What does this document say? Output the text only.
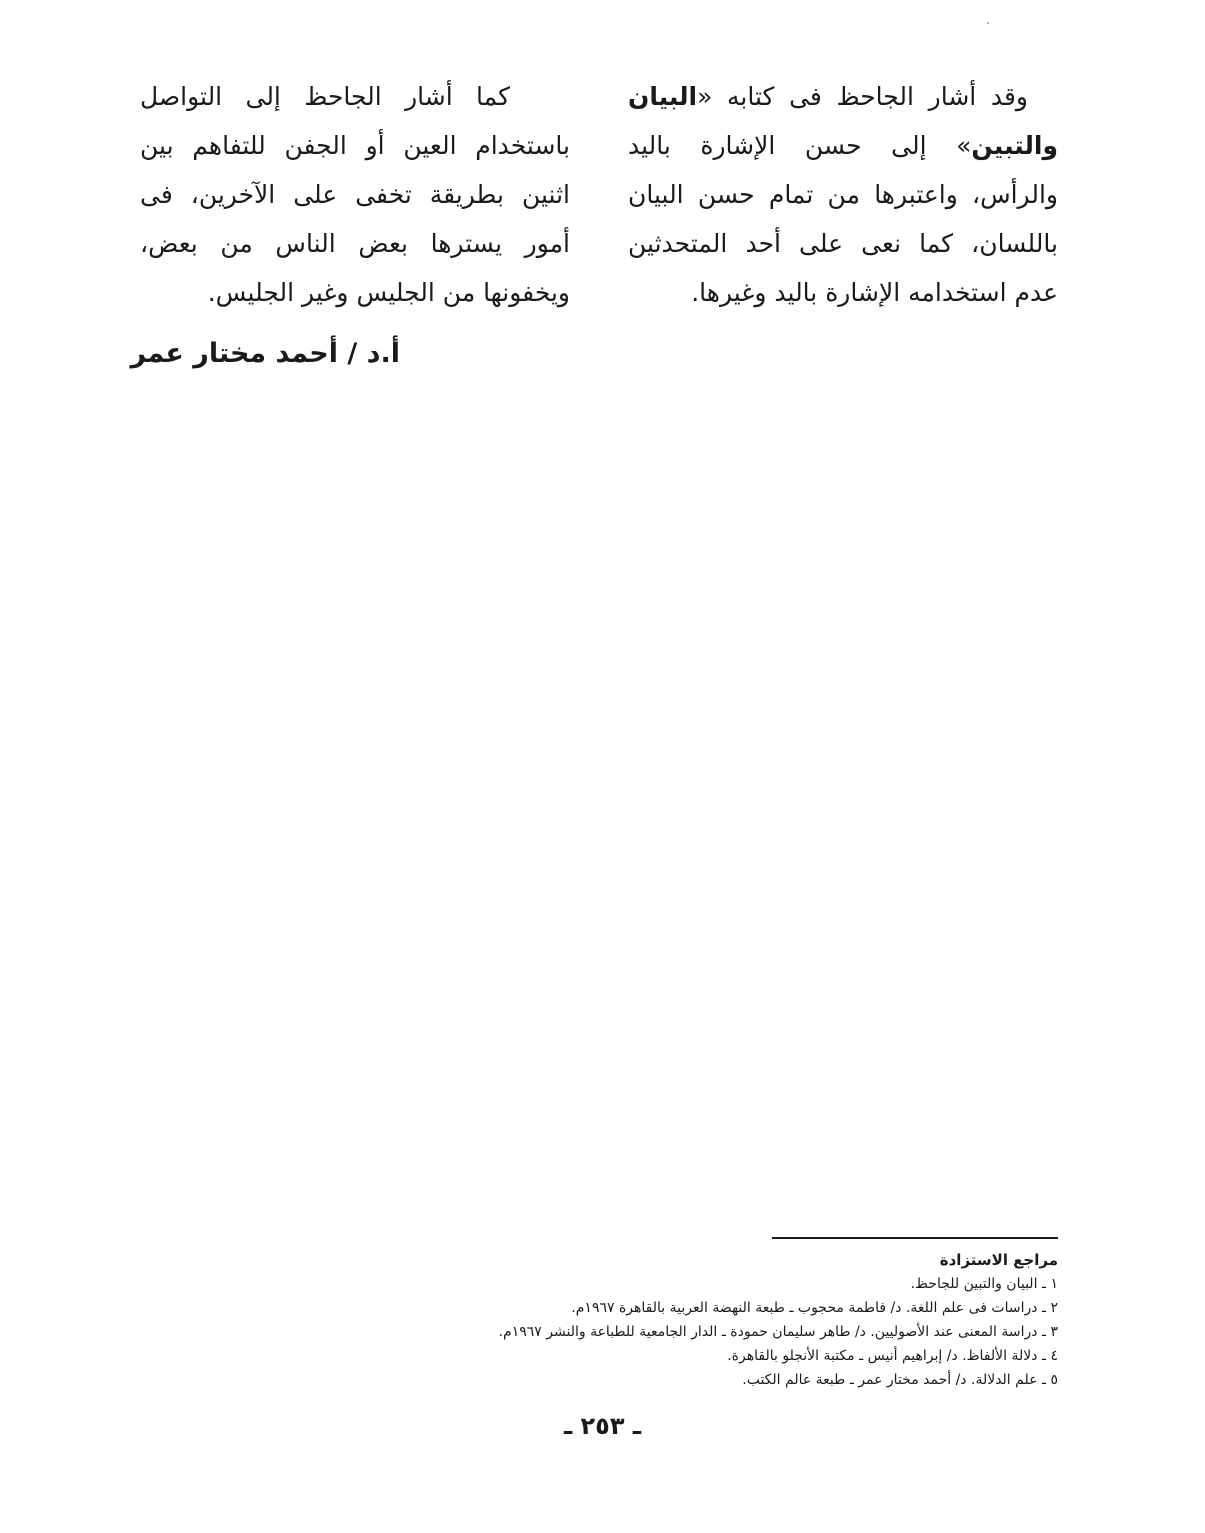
وقد أشار الجاحظ فى كتابه «البيان والتبين» إلى حسن الإشارة باليد والرأس، واعتبرها من تمام حسن البيان باللسان، كما نعى على أحد المتحدثين عدم استخدامه الإشارة باليد وغيرها.

كما أشار الجاحظ إلى التواصل باستخدام العين أو الجفن للتفاهم بين اثنين بطريقة تخفى على الآخرين، فى أمور يسترها بعض الناس من بعض، ويخفونها من الجليس وغير الجليس.

أ.د / أحمد مختار عمر

مراجع الاستزادة

١ ـ البيان والتبين للجاحظ.
٢ ـ دراسات فى علم اللغة. د/ فاطمة محجوب ـ طبعة النهضة العربية بالقاهرة ١٩٦٧م.
٣ ـ دراسة المعنى عند الأصوليين. د/ طاهر سليمان حمودة ـ الدار الجامعية للطباعة والنشر ١٩٦٧م.
٤ ـ دلالة الألفاظ. د/ إبراهيم أنيس ـ مكتبة الأنجلو بالقاهرة.
٥ ـ علم الدلالة. د/ أحمد مختار عمر ـ طبعة عالم الكتب.
ـ ٢٥٣ ـ
